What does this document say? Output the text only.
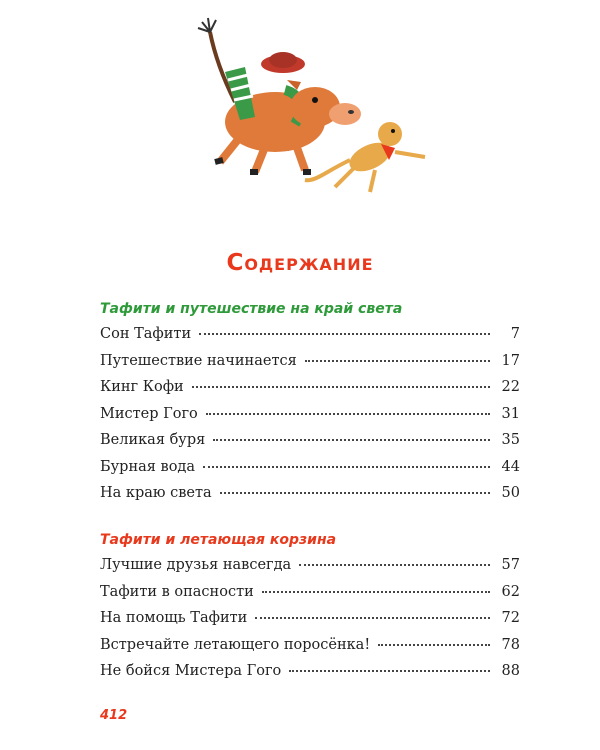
Содержание
Тафити и путешествие на край света
Сон Тафити	7
Путешествие начинается	17
Кинг Кофи	22
Мистер Гого	31
Великая буря	35
Бурная вода	44
На краю света	50
Тафити и летающая корзина
Лучшие друзья навсегда	57
Тафити в опасности	62
На помощь Тафити	72
Встречайте летающего поросёнка!	78
Не бойся Мистера Гого	88
412
